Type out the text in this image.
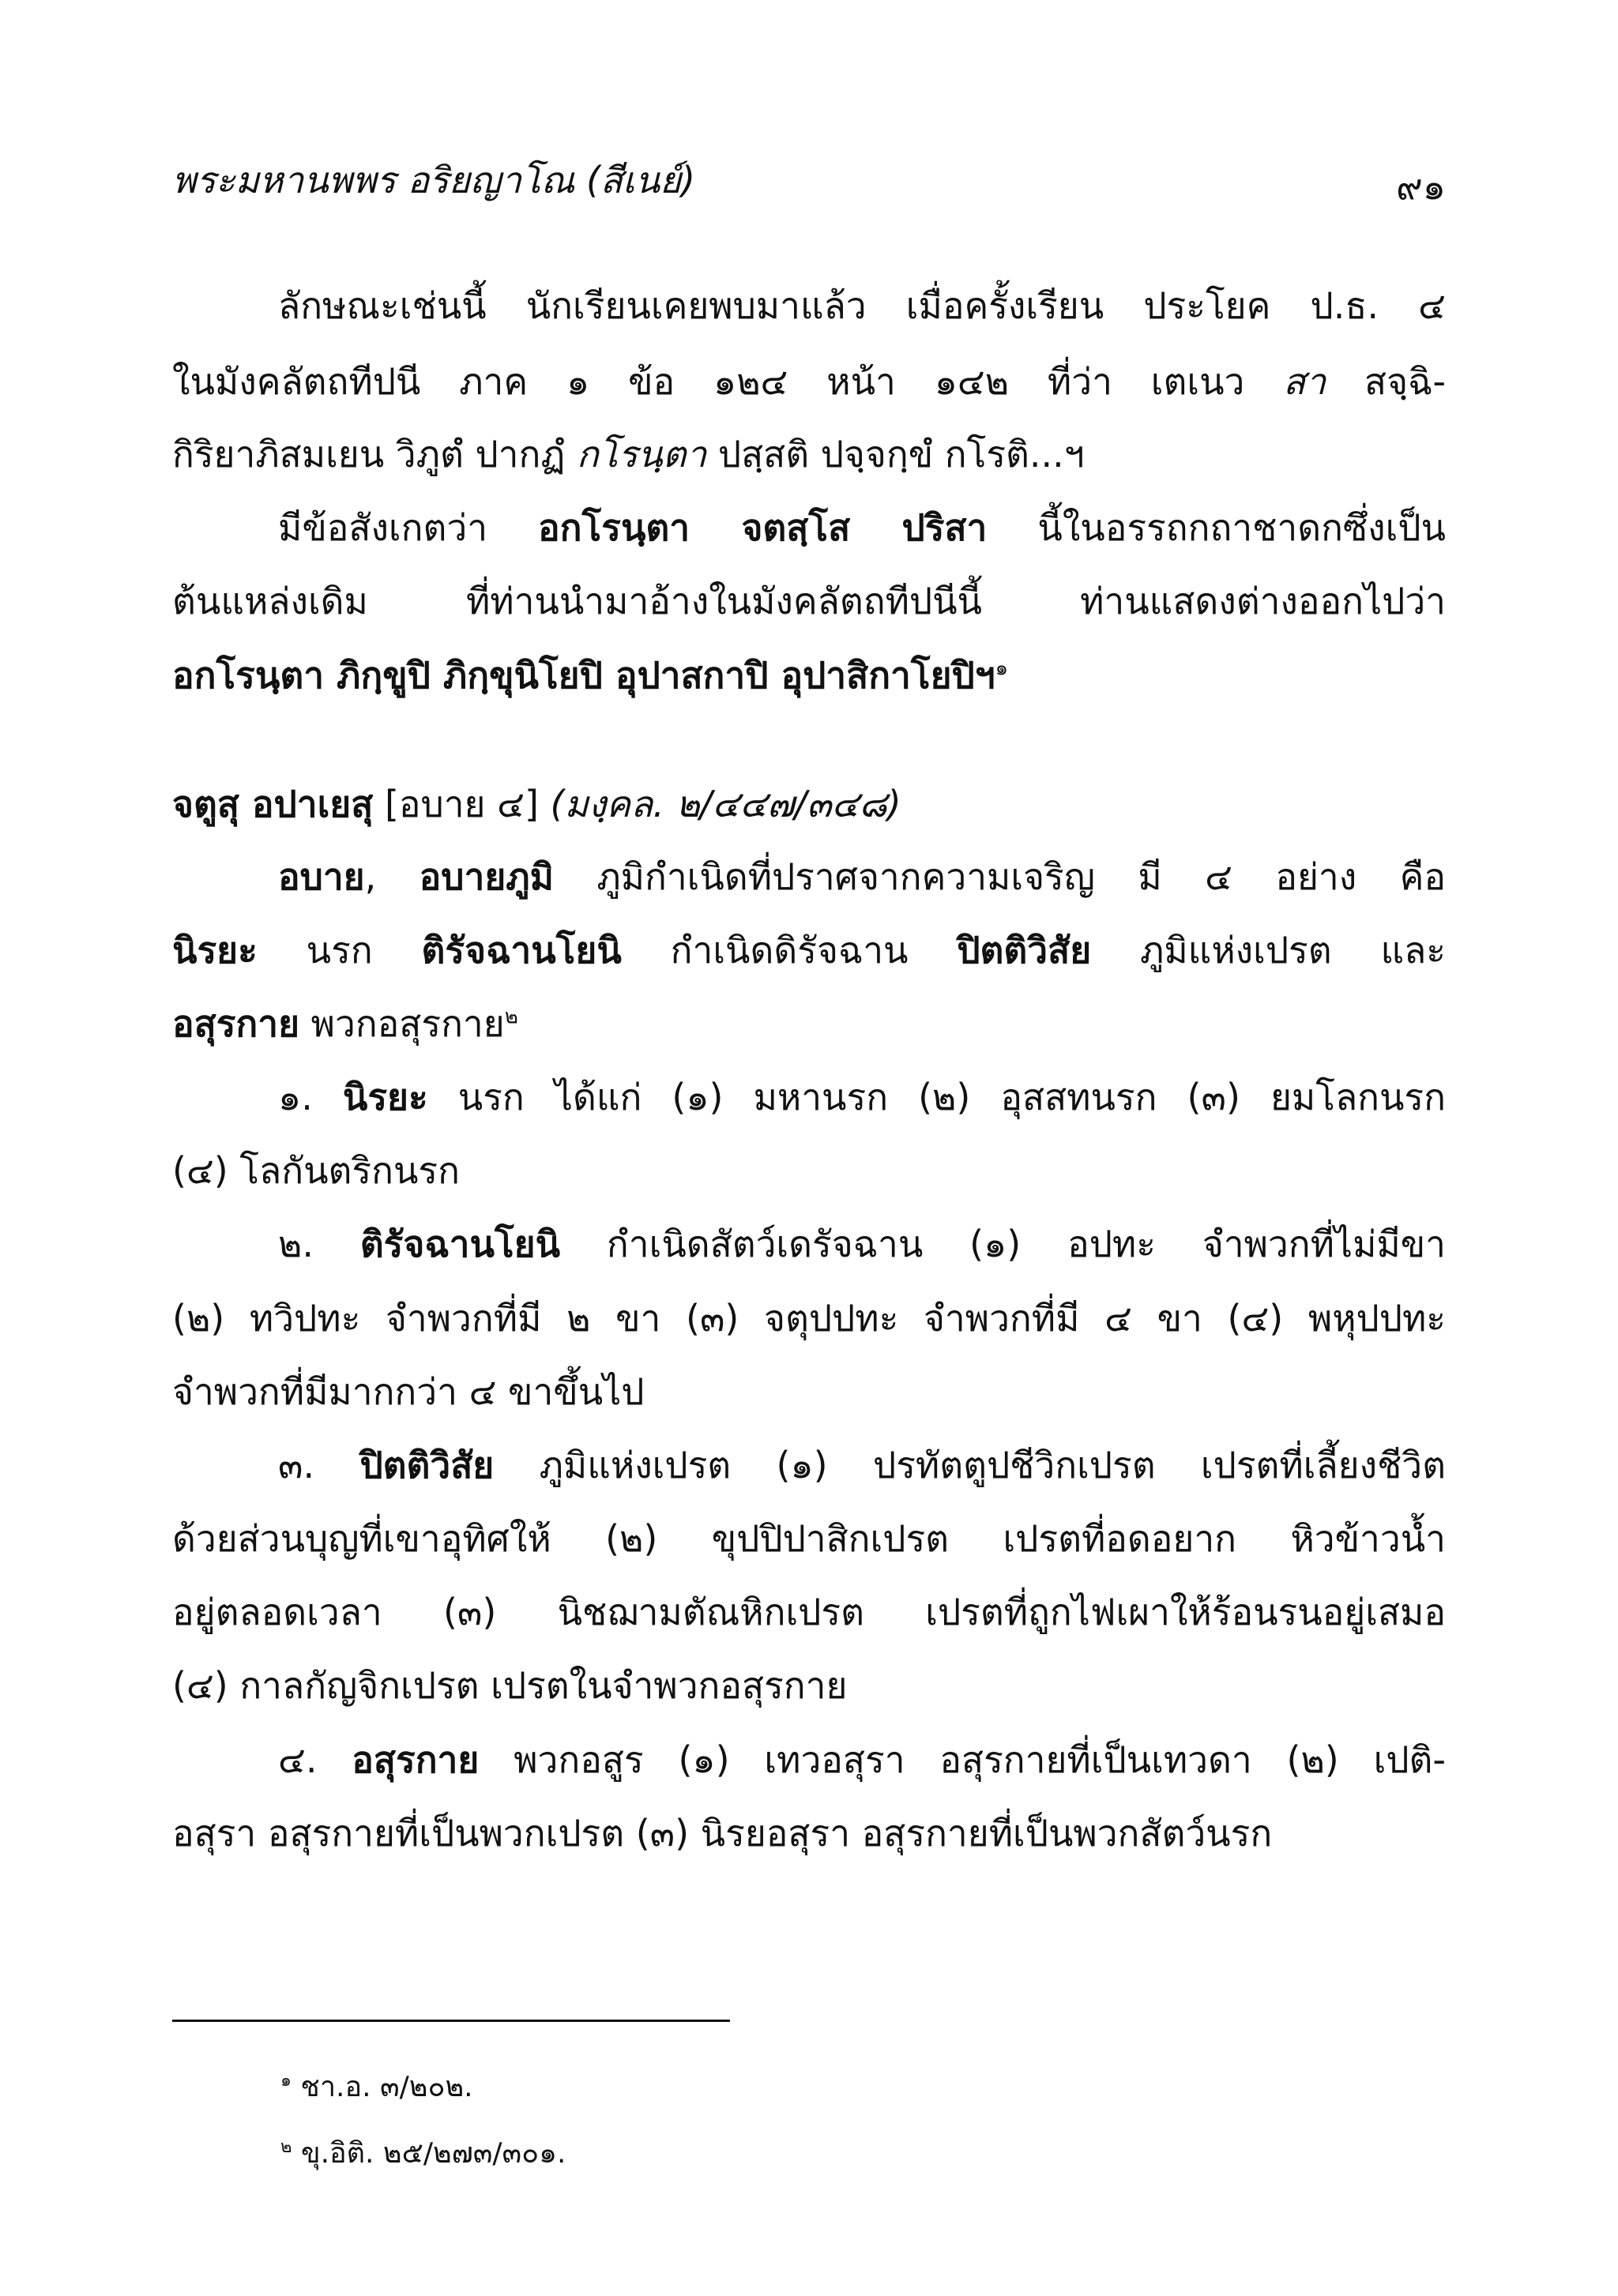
พระมหานพพร อริยญาโณ (สีเนย์)	๙๑

ลักษณะเช่นนี้ นักเรียนเคยพบมาแล้ว เมื่อครั้งเรียน ประโยค ป.ธ. ๔

ในมังคลัตถทีปนี ภาค ๑ ข้อ ๑๒๔ หน้า ๑๔๒ ที่ว่า เตเนว สา สจฺฉิ-

กิริยาภิสมเยน วิภูตํ ปากฏํ กโรนฺตา ปสฺสติ ปจฺจกฺขํ กโรติ...ฯ

มีข้อสังเกตว่า อกโรนฺตา จตสฺโส ปริสา นี้ในอรรถกถาชาดกซึ่งเป็น

ต้นแหล่งเดิม ที่ท่านนำมาอ้างในมังคลัตถทีปนีนี้ ท่านแสดงต่างออกไปว่า

อกโรนฺตา ภิกฺขูปิ ภิกฺขุนิโยปิ อุปาสกาปิ อุปาสิกาโยปิฯ$^๑$

จตูสุ อปาเยสุ [อบาย ๔] (มงฺคล. ๒/๔๔๗/๓๔๘)

อบาย, อบายภูมิ ภูมิกำเนิดที่ปราศจากความเจริญ มี ๔ อย่าง คือ

นิรยะ นรก ติรัจฉานโยนิ กำเนิดดิรัจฉาน ปิตติวิสัย ภูมิแห่งเปรต และ

อสุรกาย พวกอสุรกาย$^๒$

๑. นิรยะ นรก ได้แก่ (๑) มหานรก (๒) อุสสทนรก (๓) ยมโลกนรก

(๔) โลกันตริกนรก

๒. ติรัจฉานโยนิ กำเนิดสัตว์เดรัจฉาน (๑) อปทะ จำพวกที่ไม่มีขา

(๒) ทวิปทะ จำพวกที่มี ๒ ขา (๓) จตุปปทะ จำพวกที่มี ๔ ขา (๔) พหุปปทะ

จำพวกที่มีมากกว่า ๔ ขาขึ้นไป

๓. ปิตติวิสัย ภูมิแห่งเปรต (๑) ปรทัตตูปชีวิกเปรต เปรตที่เลี้ยงชีวิต

ด้วยส่วนบุญที่เขาอุทิศให้ (๒) ขุปปิปาสิกเปรต เปรตที่อดอยาก หิวข้าวน้ำ

อยู่ตลอดเวลา (๓) นิชฌามตัณหิกเปรต เปรตที่ถูกไฟเผาให้ร้อนรนอยู่เสมอ

(๔) กาลกัญจิกเปรต เปรตในจำพวกอสุรกาย

๔. อสุรกาย พวกอสูร (๑) เทวอสุรา อสุรกายที่เป็นเทวดา (๒) เปติ-

อสุรา อสุรกายที่เป็นพวกเปรต (๓) นิรยอสุรา อสุรกายที่เป็นพวกสัตว์นรก

$^๑$ ชา.อ. ๓/๒๐๒.
$^๒$ ขุ.อิติ. ๒๕/๒๗๓/๓๐๑.
